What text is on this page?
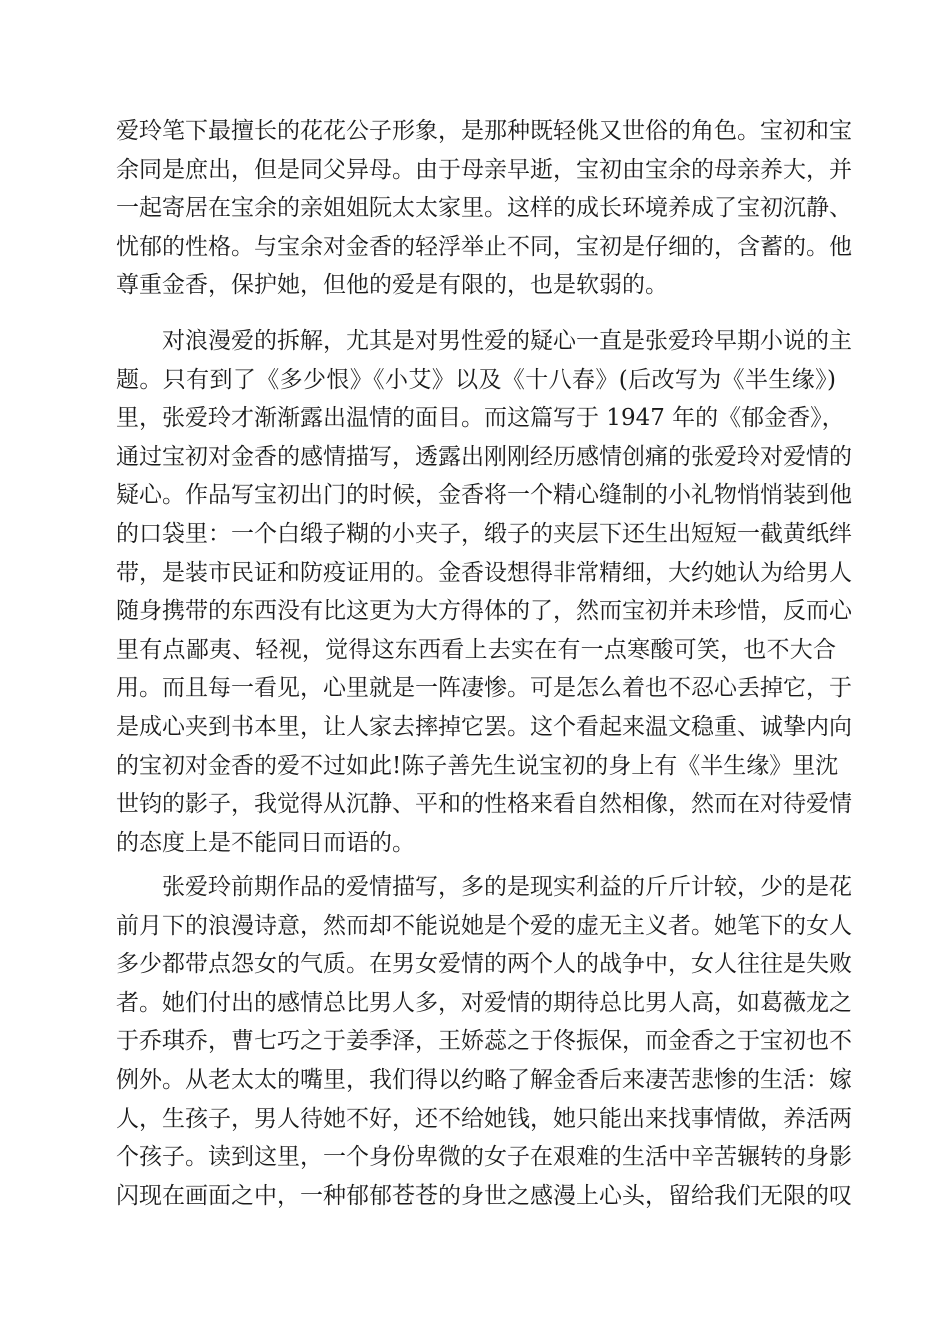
爱玲笔下最擅长的花花公子形象，是那种既轻佻又世俗的角色。宝初和宝
余同是庶出，但是同父异母。由于母亲早逝，宝初由宝余的母亲养大，并
一起寄居在宝余的亲姐姐阮太太家里。这样的成长环境养成了宝初沉静、
忧郁的性格。与宝余对金香的轻浮举止不同，宝初是仔细的，含蓄的。他
尊重金香，保护她，但他的爱是有限的，也是软弱的。
对浪漫爱的拆解，尤其是对男性爱的疑心一直是张爱玲早期小说的主
题。只有到了《多少恨》《小艾》以及《十八春》(后改写为《半生缘》)
里，张爱玲才渐渐露出温情的面目。而这篇写于 1947 年的《郁金香》，
通过宝初对金香的感情描写，透露出刚刚经历感情创痛的张爱玲对爱情的
疑心。作品写宝初出门的时候，金香将一个精心缝制的小礼物悄悄装到他
的口袋里：一个白缎子糊的小夹子，缎子的夹层下还生出短短一截黄纸绊
带，是装市民证和防疫证用的。金香设想得非常精细，大约她认为给男人
随身携带的东西没有比这更为大方得体的了，然而宝初并未珍惜，反而心
里有点鄙夷、轻视，觉得这东西看上去实在有一点寒酸可笑，也不大合
用。而且每一看见，心里就是一阵凄惨。可是怎么着也不忍心丢掉它，于
是成心夹到书本里，让人家去摔掉它罢。这个看起来温文稳重、诚挚内向
的宝初对金香的爱不过如此!陈子善先生说宝初的身上有《半生缘》里沈
世钧的影子，我觉得从沉静、平和的性格来看自然相像，然而在对待爱情
的态度上是不能同日而语的。
张爱玲前期作品的爱情描写，多的是现实利益的斤斤计较，少的是花
前月下的浪漫诗意，然而却不能说她是个爱的虚无主义者。她笔下的女人
多少都带点怨女的气质。在男女爱情的两个人的战争中，女人往往是失败
者。她们付出的感情总比男人多，对爱情的期待总比男人高，如葛薇龙之
于乔琪乔，曹七巧之于姜季泽，王娇蕊之于佟振保，而金香之于宝初也不
例外。从老太太的嘴里，我们得以约略了解金香后来凄苦悲惨的生活：嫁
人，生孩子，男人待她不好，还不给她钱，她只能出来找事情做，养活两
个孩子。读到这里，一个身份卑微的女子在艰难的生活中辛苦辗转的身影
闪现在画面之中，一种郁郁苍苍的身世之感漫上心头，留给我们无限的叹
